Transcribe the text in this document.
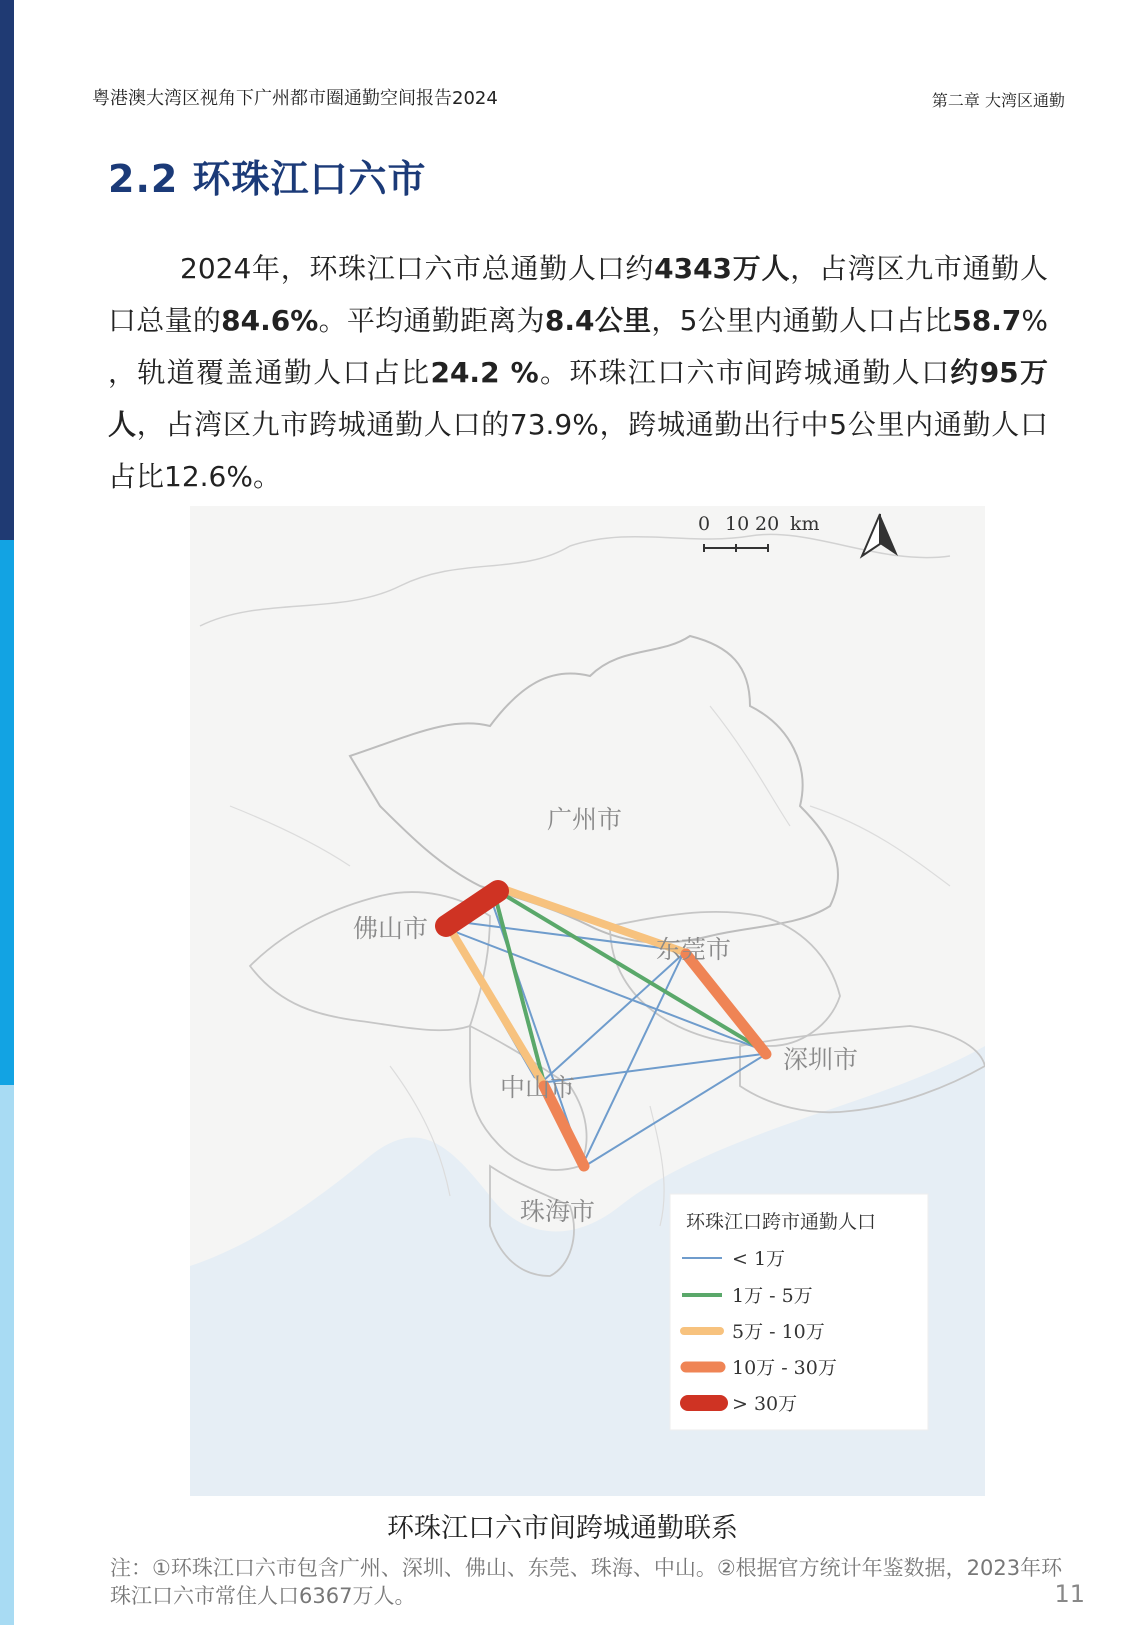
粤港澳大湾区视角下广州都市圈通勤空间报告2024	第二章 大湾区通勤
2.2 环珠江口六市
2024年，环珠江口六市总通勤人口约4343万人，占湾区九市通勤人口总量的84.6%。平均通勤距离为8.4公里，5公里内通勤人口占比58.7% ，轨道覆盖通勤人口占比24.2 %。环珠江口六市间跨城通勤人口约95万人，占湾区九市跨城通勤人口的73.9%，跨城通勤出行中5公里内通勤人口占比12.6%。
广州市
佛山市
东莞市
深圳市
中山市
珠海市
0 10 20 km
环珠江口跨市通勤人口
< 1万
1万 - 5万
5万 - 10万
10万 - 30万
> 30万
环珠江口六市间跨城通勤联系
注：①环珠江口六市包含广州、深圳、佛山、东莞、珠海、中山。②根据官方统计年鉴数据，2023年环珠江口六市常住人口6367万人。	11
